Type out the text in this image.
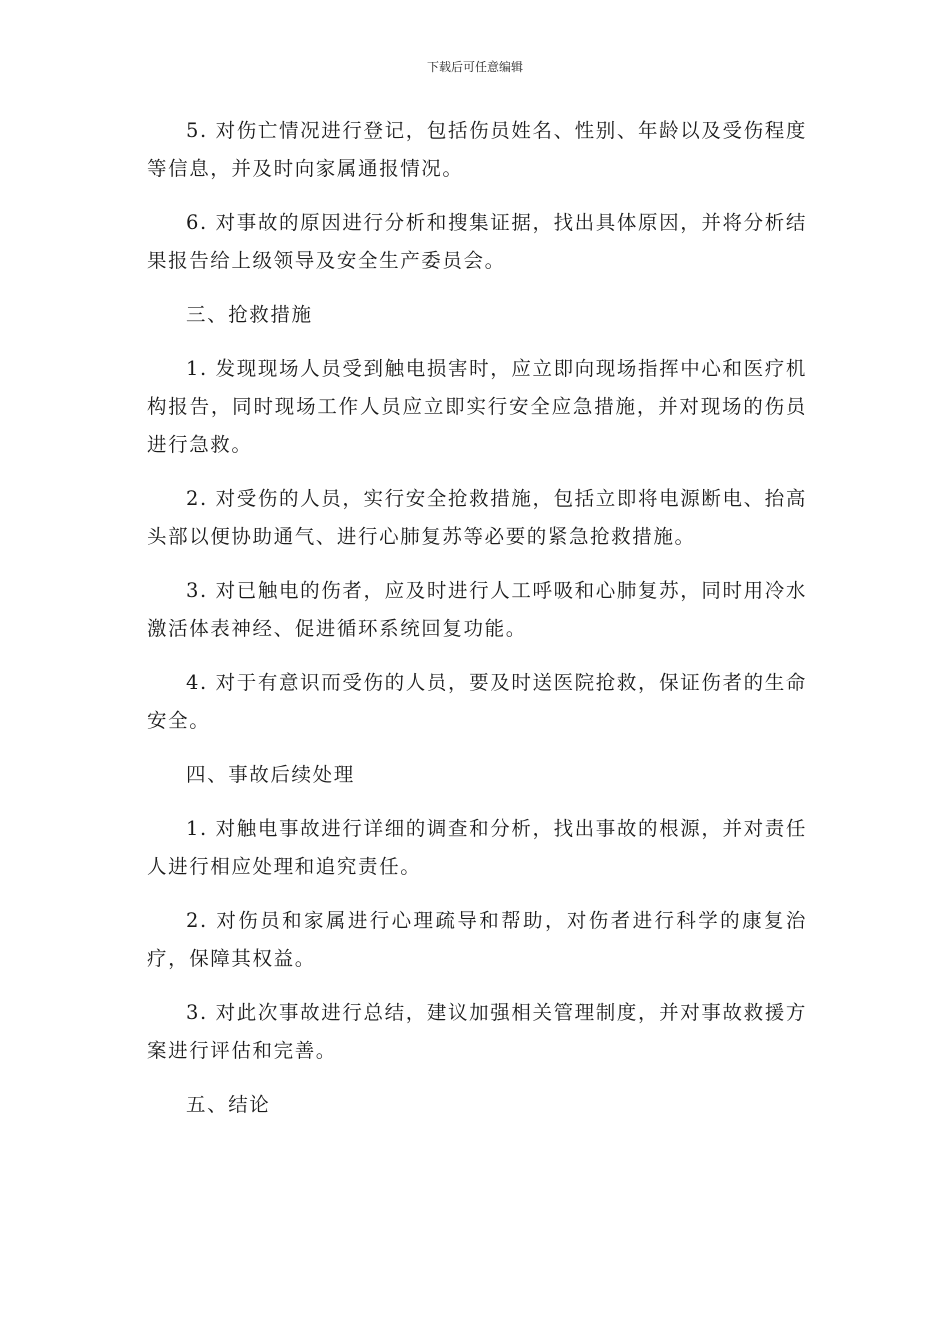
下载后可任意编辑

5. 对伤亡情况进行登记，包括伤员姓名、性别、年龄以及受伤程度等信息，并及时向家属通报情况。

6. 对事故的原因进行分析和搜集证据，找出具体原因，并将分析结果报告给上级领导及安全生产委员会。

三、抢救措施

1. 发现现场人员受到触电损害时，应立即向现场指挥中心和医疗机构报告，同时现场工作人员应立即实行安全应急措施，并对现场的伤员进行急救。

2. 对受伤的人员，实行安全抢救措施，包括立即将电源断电、抬高头部以便协助通气、进行心肺复苏等必要的紧急抢救措施。

3. 对已触电的伤者，应及时进行人工呼吸和心肺复苏，同时用冷水激活体表神经、促进循环系统回复功能。

4. 对于有意识而受伤的人员，要及时送医院抢救，保证伤者的生命安全。

四、事故后续处理

1. 对触电事故进行详细的调查和分析，找出事故的根源，并对责任人进行相应处理和追究责任。

2. 对伤员和家属进行心理疏导和帮助，对伤者进行科学的康复治疗，保障其权益。

3. 对此次事故进行总结，建议加强相关管理制度，并对事故救援方案进行评估和完善。

五、结论
